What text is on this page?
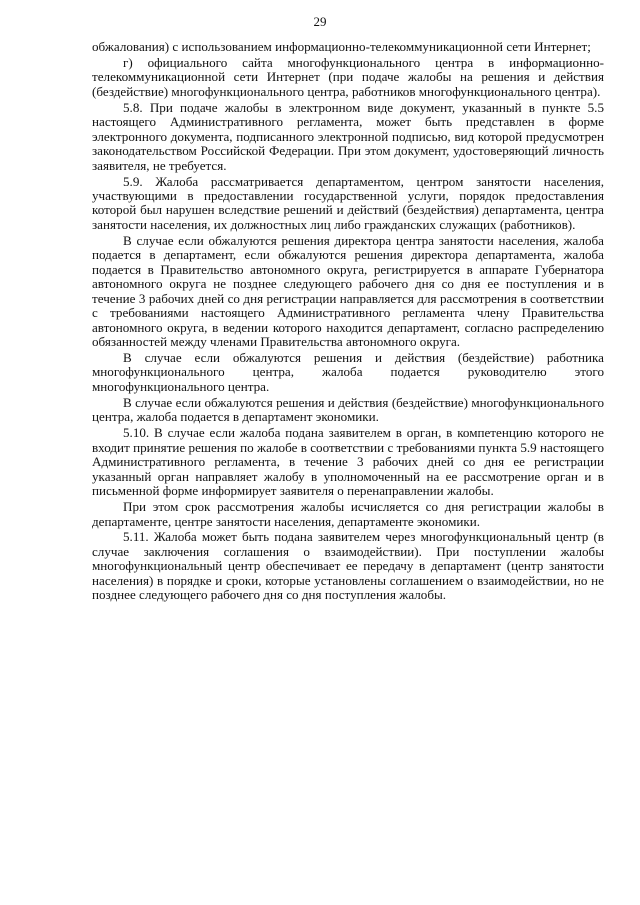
29

обжалования) с использованием информационно-телекоммуникационной сети Интернет;

г) официального сайта многофункционального центра в информационно-телекоммуникационной сети Интернет (при подаче жалобы на решения и действия (бездействие) многофункционального центра, работников многофункционального центра).

5.8. При подаче жалобы в электронном виде документ, указанный в пункте 5.5 настоящего Административного регламента, может быть представлен в форме электронного документа, подписанного электронной подписью, вид которой предусмотрен законодательством Российской Федерации. При этом документ, удостоверяющий личность заявителя, не требуется.

5.9. Жалоба рассматривается департаментом, центром занятости населения, участвующими в предоставлении государственной услуги, порядок предоставления которой был нарушен вследствие решений и действий (бездействия) департамента, центра занятости населения, их должностных лиц либо гражданских служащих (работников).

В случае если обжалуются решения директора центра занятости населения, жалоба подается в департамент, если обжалуются решения директора департамента, жалоба подается в Правительство автономного округа, регистрируется в аппарате Губернатора автономного округа не позднее следующего рабочего дня со дня ее поступления и в течение 3 рабочих дней со дня регистрации направляется для рассмотрения в соответствии с требованиями настоящего Административного регламента члену Правительства автономного округа, в ведении которого находится департамент, согласно распределению обязанностей между членами Правительства автономного округа.

В случае если обжалуются решения и действия (бездействие) работника многофункционального центра, жалоба подается руководителю этого многофункционального центра.

В случае если обжалуются решения и действия (бездействие) многофункционального центра, жалоба подается в департамент экономики.

5.10. В случае если жалоба подана заявителем в орган, в компетенцию которого не входит принятие решения по жалобе в соответствии с требованиями пункта 5.9 настоящего Административного регламента, в течение 3 рабочих дней со дня ее регистрации указанный орган направляет жалобу в уполномоченный на ее рассмотрение орган и в письменной форме информирует заявителя о перенаправлении жалобы.

При этом срок рассмотрения жалобы исчисляется со дня регистрации жалобы в департаменте, центре занятости населения, департаменте экономики.

5.11. Жалоба может быть подана заявителем через многофункциональный центр (в случае заключения соглашения о взаимодействии). При поступлении жалобы многофункциональный центр обеспечивает ее передачу в департамент (центр занятости населения) в порядке и сроки, которые установлены соглашением о взаимодействии, но не позднее следующего рабочего дня со дня поступления жалобы.
